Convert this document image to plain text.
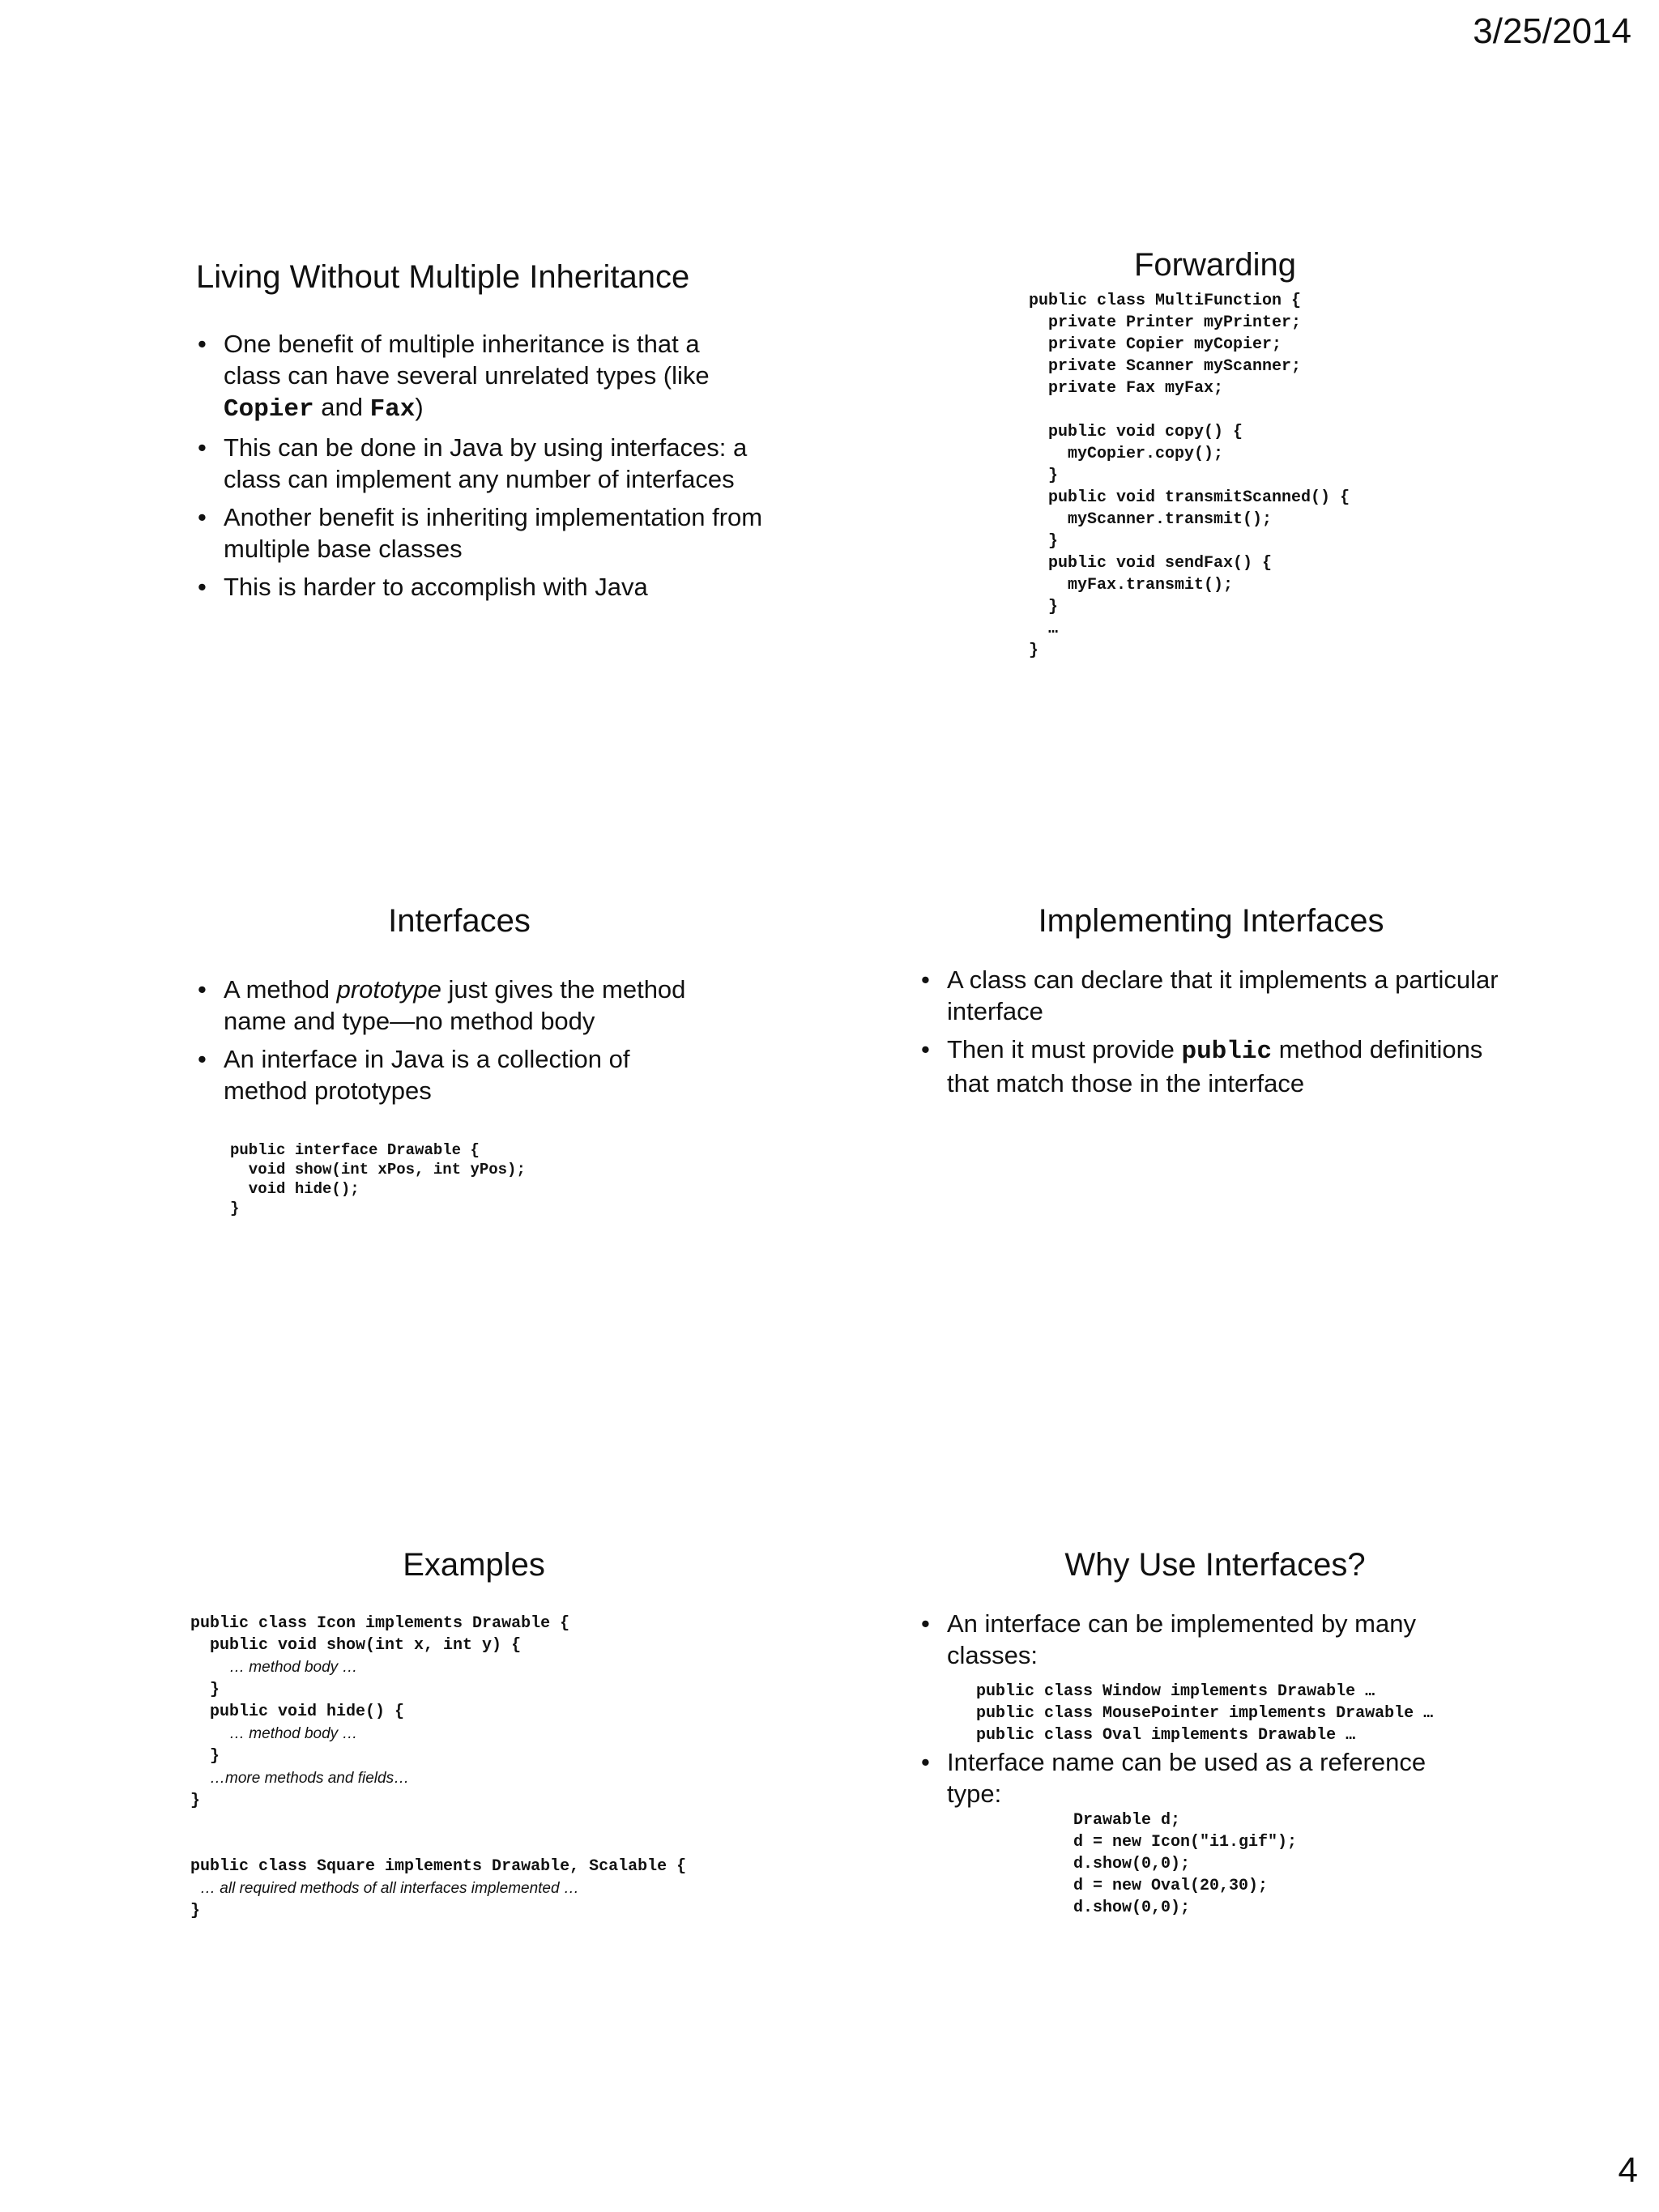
3/25/2014
Living Without Multiple Inheritance
• One benefit of multiple inheritance is that a class can have several unrelated types (like Copier and Fax)
• This can be done in Java by using interfaces: a class can implement any number of interfaces
• Another benefit is inheriting implementation from multiple base classes
• This is harder to accomplish with Java
Forwarding
public class MultiFunction {
private Printer myPrinter;
private Copier myCopier;
private Scanner myScanner;
private Fax myFax;

public void copy() {
myCopier.copy();
}
public void transmitScanned() {
myScanner.transmit();
}
public void sendFax() {
myFax.transmit();
}
…
}
Interfaces
• A method prototype just gives the method name and type—no method body
• An interface in Java is a collection of method prototypes
public interface Drawable {
void show(int xPos, int yPos);
void hide();
}
Implementing Interfaces
• A class can declare that it implements a particular interface
• Then it must provide public method definitions that match those in the interface
Examples
public class Icon implements Drawable {
public void show(int x, int y) {
… method body …
}
public void hide() {
… method body …
}
…more methods and fields…
}
public class Square implements Drawable, Scalable {
… all required methods of all interfaces implemented …
}
Why Use Interfaces?
• An interface can be implemented by many classes:
public class Window implements Drawable …
public class MousePointer implements Drawable …
public class Oval implements Drawable …
• Interface name can be used as a reference type:
Drawable d;
d = new Icon("i1.gif");
d.show(0,0);
d = new Oval(20,30);
d.show(0,0);
4
